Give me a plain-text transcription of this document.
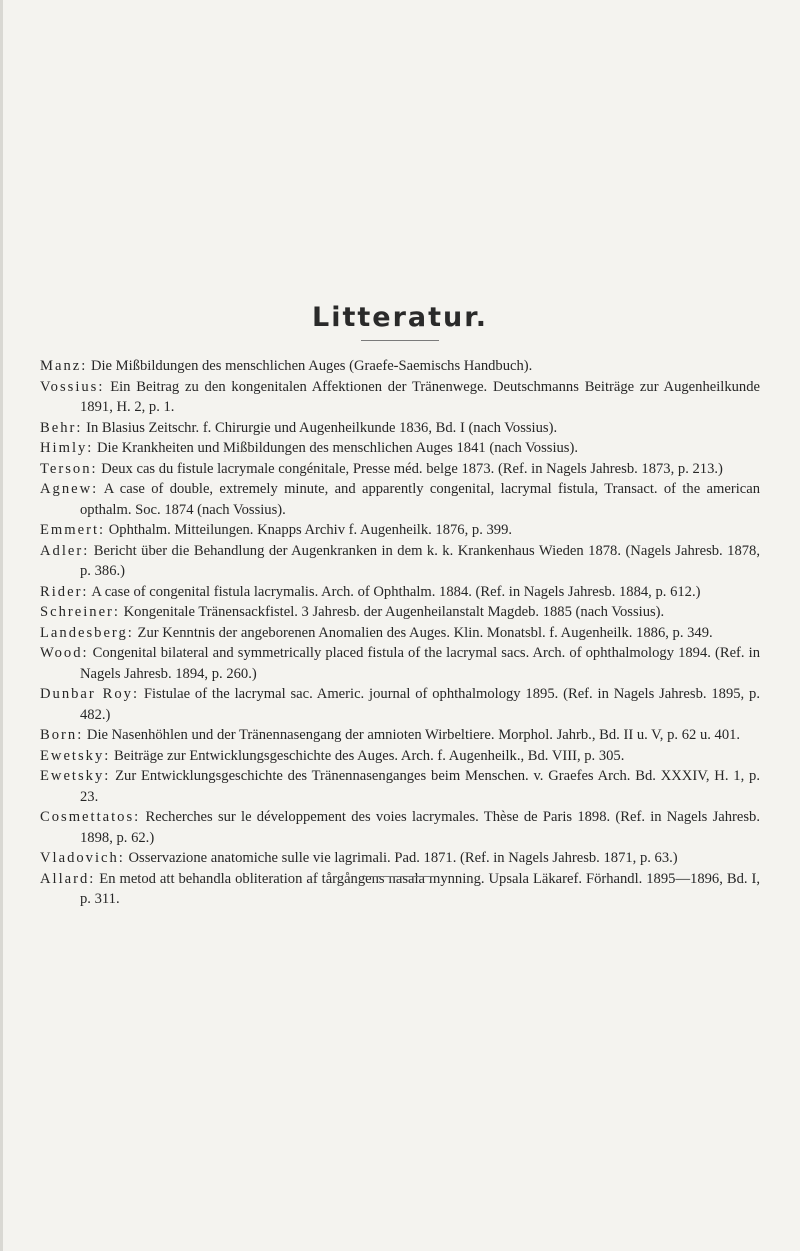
Litteratur.
Manz: Die Mißbildungen des menschlichen Auges (Graefe-Saemischs Handbuch).
Vossius: Ein Beitrag zu den kongenitalen Affektionen der Tränenwege. Deutschmanns Beiträge zur Augenheilkunde 1891, H. 2, p. 1.
Behr: In Blasius Zeitschr. f. Chirurgie und Augenheilkunde 1836, Bd. I (nach Vossius).
Himly: Die Krankheiten und Mißbildungen des menschlichen Auges 1841 (nach Vossius).
Terson: Deux cas du fistule lacrymale congénitale, Presse méd. belge 1873. (Ref. in Nagels Jahresb. 1873, p. 213.)
Agnew: A case of double, extremely minute, and apparently congenital, lacrymal fistula, Transact. of the american opthalm. Soc. 1874 (nach Vossius).
Emmert: Ophthalm. Mitteilungen. Knapps Archiv f. Augenheilk. 1876, p. 399.
Adler: Bericht über die Behandlung der Augenkranken in dem k. k. Krankenhaus Wieden 1878. (Nagels Jahresb. 1878, p. 386.)
Rider: A case of congenital fistula lacrymalis. Arch. of Ophthalm. 1884. (Ref. in Nagels Jahresb. 1884, p. 612.)
Schreiner: Kongenitale Tränensackfistel. 3 Jahresb. der Augenheilanstalt Magdeb. 1885 (nach Vossius).
Landesberg: Zur Kenntnis der angeborenen Anomalien des Auges. Klin. Monatsbl. f. Augenheilk. 1886, p. 349.
Wood: Congenital bilateral and symmetrically placed fistula of the lacrymal sacs. Arch. of ophthalmology 1894. (Ref. in Nagels Jahresb. 1894, p. 260.)
Dunbar Roy: Fistulae of the lacrymal sac. Americ. journal of ophthalmology 1895. (Ref. in Nagels Jahresb. 1895, p. 482.)
Born: Die Nasenhöhlen und der Tränennasengang der amnioten Wirbeltiere. Morphol. Jahrb., Bd. II u. V, p. 62 u. 401.
Ewetsky: Beiträge zur Entwicklungsgeschichte des Auges. Arch. f. Augenheilk., Bd. VIII, p. 305.
Ewetsky: Zur Entwicklungsgeschichte des Tränennasenganges beim Menschen. v. Graefes Arch. Bd. XXXIV, H. 1, p. 23.
Cosmettatos: Recherches sur le développement des voies lacrymales. Thèse de Paris 1898. (Ref. in Nagels Jahresb. 1898, p. 62.)
Vladovich: Osservazione anatomiche sulle vie lagrimali. Pad. 1871. (Ref. in Nagels Jahresb. 1871, p. 63.)
Allard: En metod att behandla obliteration af tårgångens nasala mynning. Upsala Läkaref. Förhandl. 1895—1896, Bd. I, p. 311.
